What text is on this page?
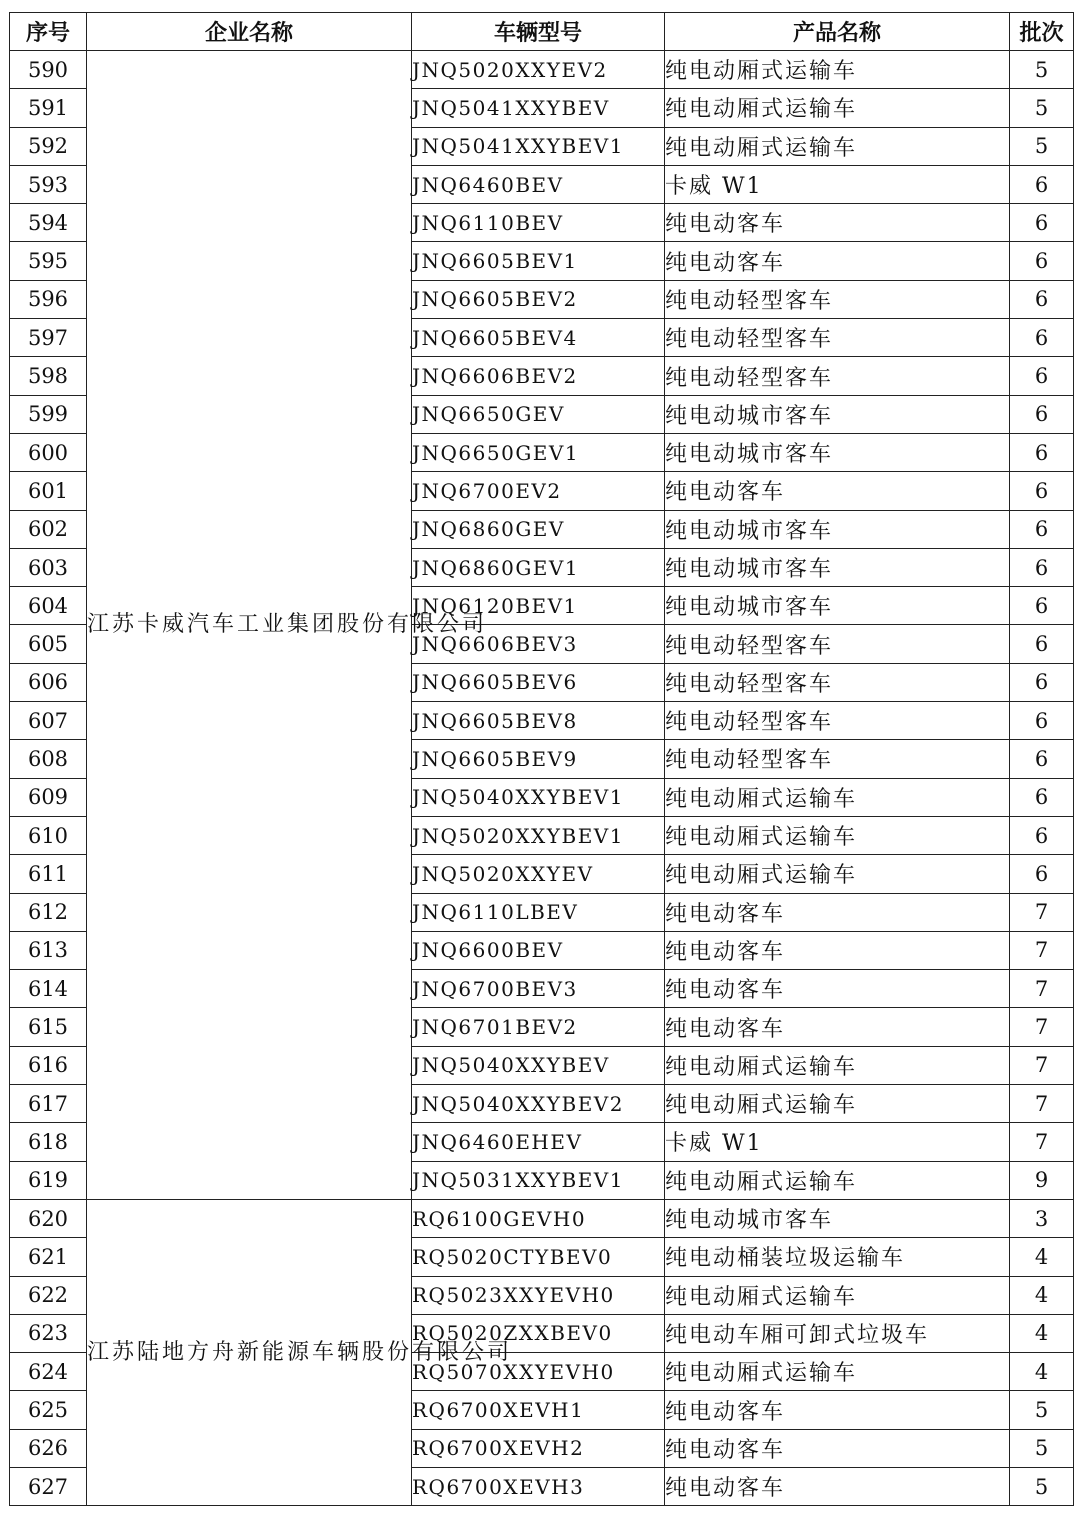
序号	企业名称	车辆型号	产品名称	批次
590	江苏卡威汽车工业集团股份有限公司	JNQ5020XXYEV2	纯电动厢式运输车	5
591		JNQ5041XXYBEV	纯电动厢式运输车	5
592		JNQ5041XXYBEV1	纯电动厢式运输车	5
593		JNQ6460BEV	卡威 W1	6
594		JNQ6110BEV	纯电动客车	6
595		JNQ6605BEV1	纯电动客车	6
596		JNQ6605BEV2	纯电动轻型客车	6
597		JNQ6605BEV4	纯电动轻型客车	6
598		JNQ6606BEV2	纯电动轻型客车	6
599		JNQ6650GEV	纯电动城市客车	6
600		JNQ6650GEV1	纯电动城市客车	6
601		JNQ6700EV2	纯电动客车	6
602		JNQ6860GEV	纯电动城市客车	6
603		JNQ6860GEV1	纯电动城市客车	6
604		JNQ6120BEV1	纯电动城市客车	6
605		JNQ6606BEV3	纯电动轻型客车	6
606		JNQ6605BEV6	纯电动轻型客车	6
607		JNQ6605BEV8	纯电动轻型客车	6
608		JNQ6605BEV9	纯电动轻型客车	6
609		JNQ5040XXYBEV1	纯电动厢式运输车	6
610		JNQ5020XXYBEV1	纯电动厢式运输车	6
611		JNQ5020XXYEV	纯电动厢式运输车	6
612		JNQ6110LBEV	纯电动客车	7
613		JNQ6600BEV	纯电动客车	7
614		JNQ6700BEV3	纯电动客车	7
615		JNQ6701BEV2	纯电动客车	7
616		JNQ5040XXYBEV	纯电动厢式运输车	7
617		JNQ5040XXYBEV2	纯电动厢式运输车	7
618		JNQ6460EHEV	卡威 W1	7
619		JNQ5031XXYBEV1	纯电动厢式运输车	9
620	江苏陆地方舟新能源车辆股份有限公司	RQ6100GEVH0	纯电动城市客车	3
621		RQ5020CTYBEV0	纯电动桶装垃圾运输车	4
622		RQ5023XXYEVH0	纯电动厢式运输车	4
623		RQ5020ZXXBEV0	纯电动车厢可卸式垃圾车	4
624		RQ5070XXYEVH0	纯电动厢式运输车	4
625		RQ6700XEVH1	纯电动客车	5
626		RQ6700XEVH2	纯电动客车	5
627		RQ6700XEVH3	纯电动客车	5
